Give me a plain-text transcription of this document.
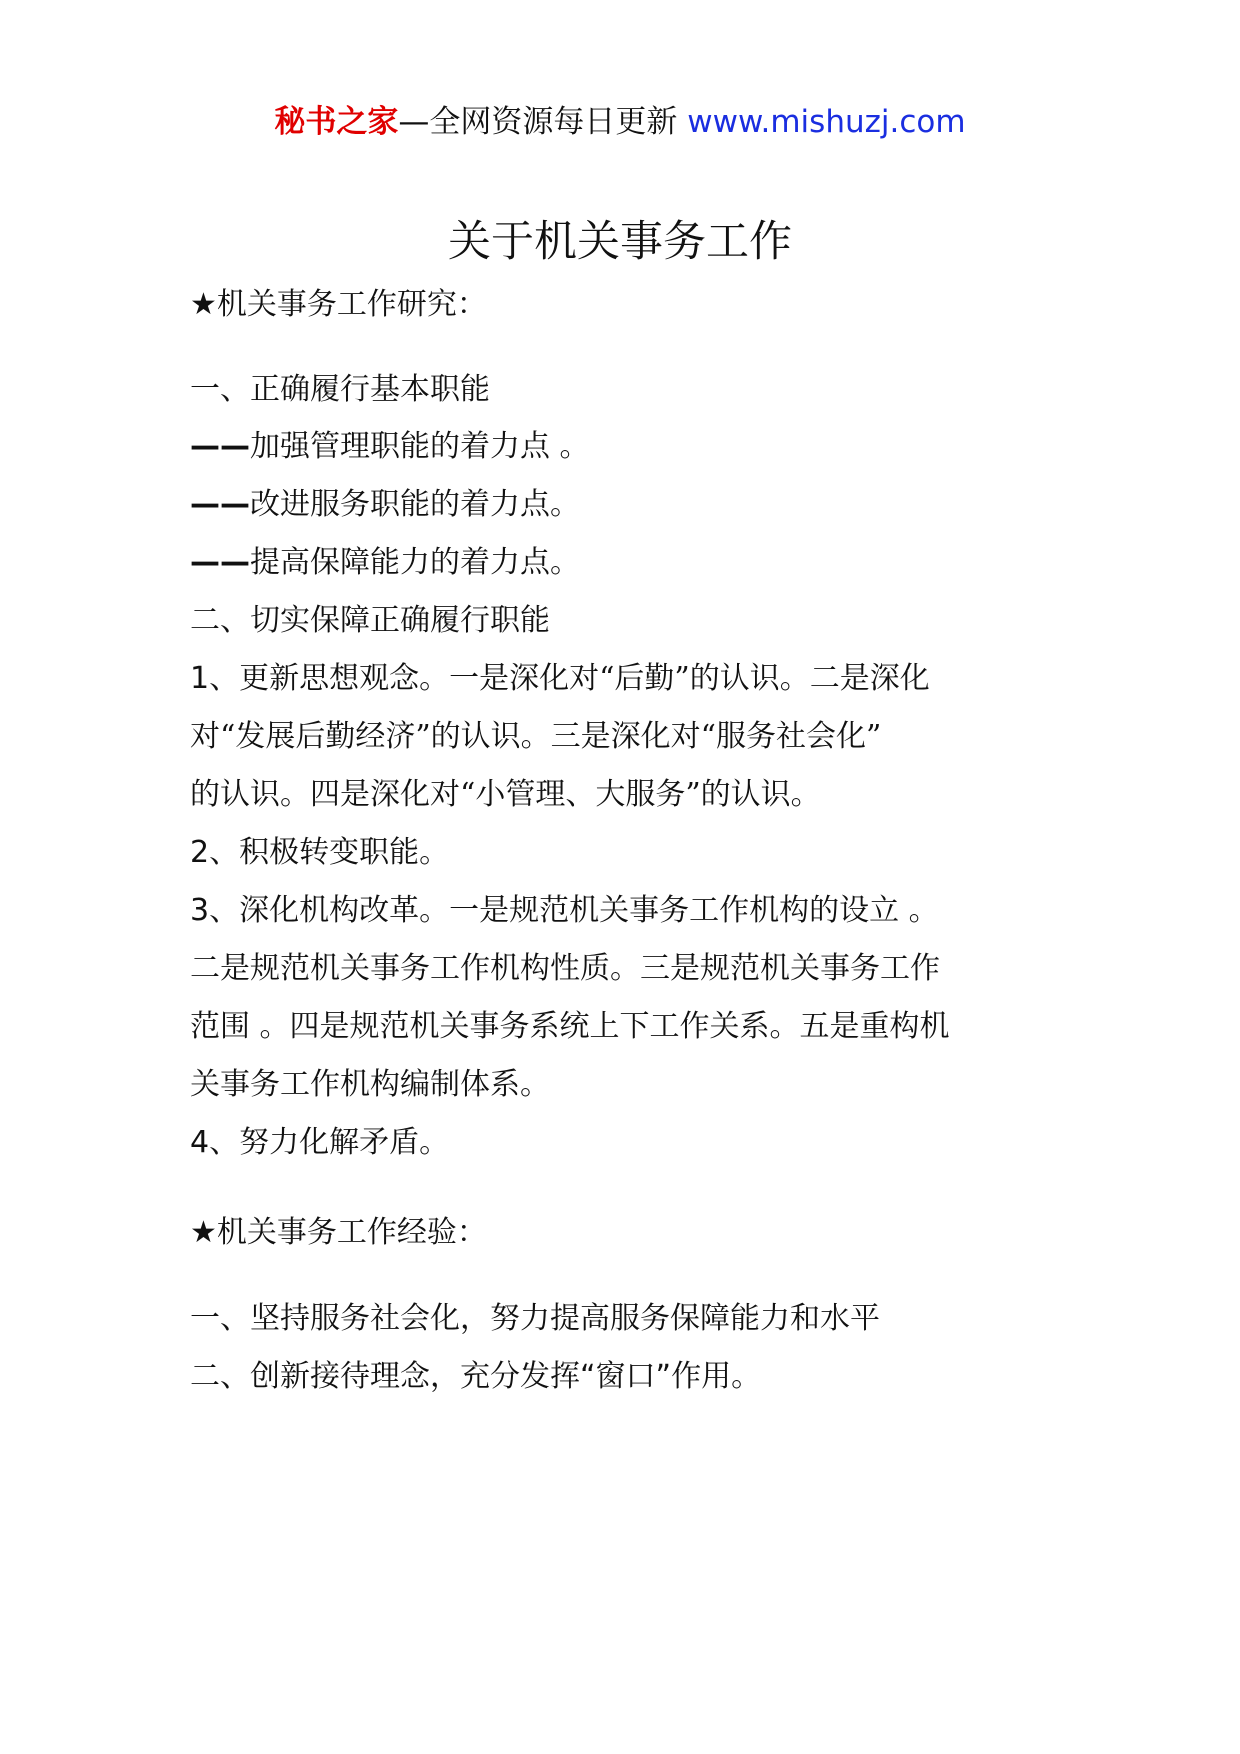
秘书之家—全网资源每日更新 www.mishuzj.com
关于机关事务工作
★机关事务工作研究：
一、正确履行基本职能
——加强管理职能的着力点 。
——改进服务职能的着力点。
——提高保障能力的着力点。
二、切实保障正确履行职能
1、更新思想观念。一是深化对“后勤”的认识。二是深化
对“发展后勤经济”的认识。三是深化对“服务社会化”
的认识。四是深化对“小管理、大服务”的认识。
2、积极转变职能。
3、深化机构改革。一是规范机关事务工作机构的设立 。
二是规范机关事务工作机构性质。三是规范机关事务工作
范围 。四是规范机关事务系统上下工作关系。五是重构机
关事务工作机构编制体系。
4、努力化解矛盾。
★机关事务工作经验：
一、坚持服务社会化，努力提高服务保障能力和水平
二、创新接待理念，充分发挥“窗口”作用。
